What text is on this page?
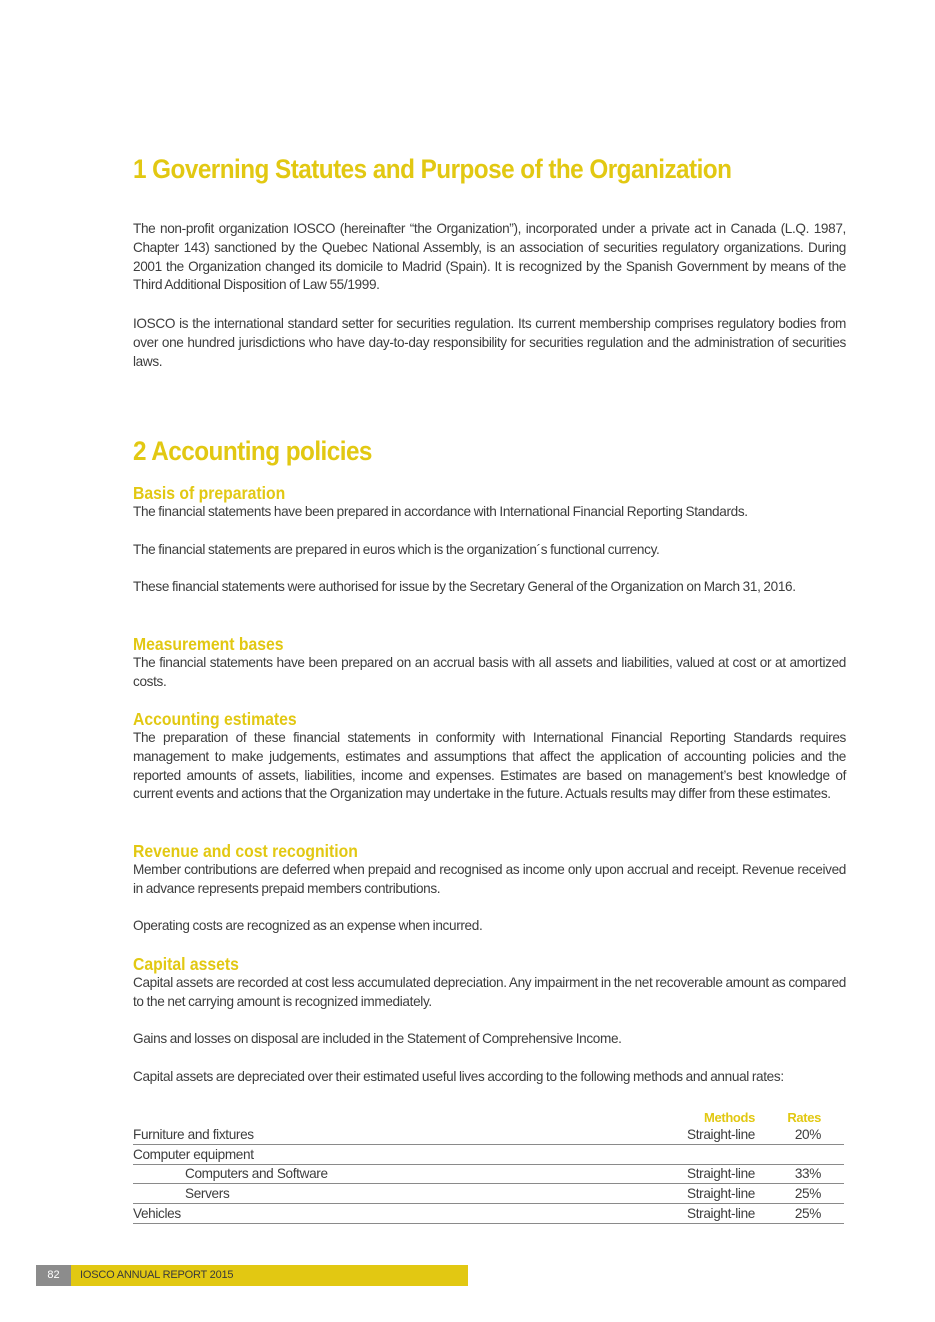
1 Governing Statutes and Purpose of the Organization

The non-profit organization IOSCO (hereinafter “the Organization”), incorporated under a private act in Canada (L.Q. 1987, Chapter 143) sanctioned by the Quebec National Assembly, is an association of securities regulatory organizations. During 2001 the Organization changed its domicile to Madrid (Spain). It is recognized by the Spanish Government by means of the Third Additional Disposition of Law 55/1999.

IOSCO is the international standard setter for securities regulation. Its current membership comprises regulatory bodies from over one hundred jurisdictions who have day-to-day responsibility for securities regulation and the administration of securities laws.

2 Accounting policies
Basis of preparation

The financial statements have been prepared in accordance with International Financial Reporting Standards.

The financial statements are prepared in euros which is the organization´s functional currency.

These financial statements were authorised for issue by the Secretary General of the Organization on March 31, 2016.

Measurement bases

The financial statements have been prepared on an accrual basis with all assets and liabilities, valued at cost or at amortized costs.

Accounting estimates

The preparation of these financial statements in conformity with International Financial Reporting Standards requires management to make judgements, estimates and assumptions that affect the application of accounting policies and the reported amounts of assets, liabilities, income and expenses. Estimates are based on management’s best knowledge of current events and actions that the Organization may undertake in the future. Actuals results may differ from these estimates.

Revenue and cost recognition

Member contributions are deferred when prepaid and recognised as income only upon accrual and receipt. Revenue received in advance represents prepaid members contributions.

Operating costs are recognized as an expense when incurred.

Capital assets

Capital assets are recorded at cost less accumulated depreciation. Any impairment in the net recoverable amount as compared to the net carrying amount is recognized immediately.

Gains and losses on disposal are included in the Statement of Comprehensive Income.

Capital assets are depreciated over their estimated useful lives according to the following methods and annual rates:

Methods	Rates
Furniture and fixtures	Straight-line	20%
Computer equipment
Computers and Software	Straight-line	33%
Servers	Straight-line	25%
Vehicles	Straight-line	25%
82	IOSCO ANNUAL REPORT 2015
